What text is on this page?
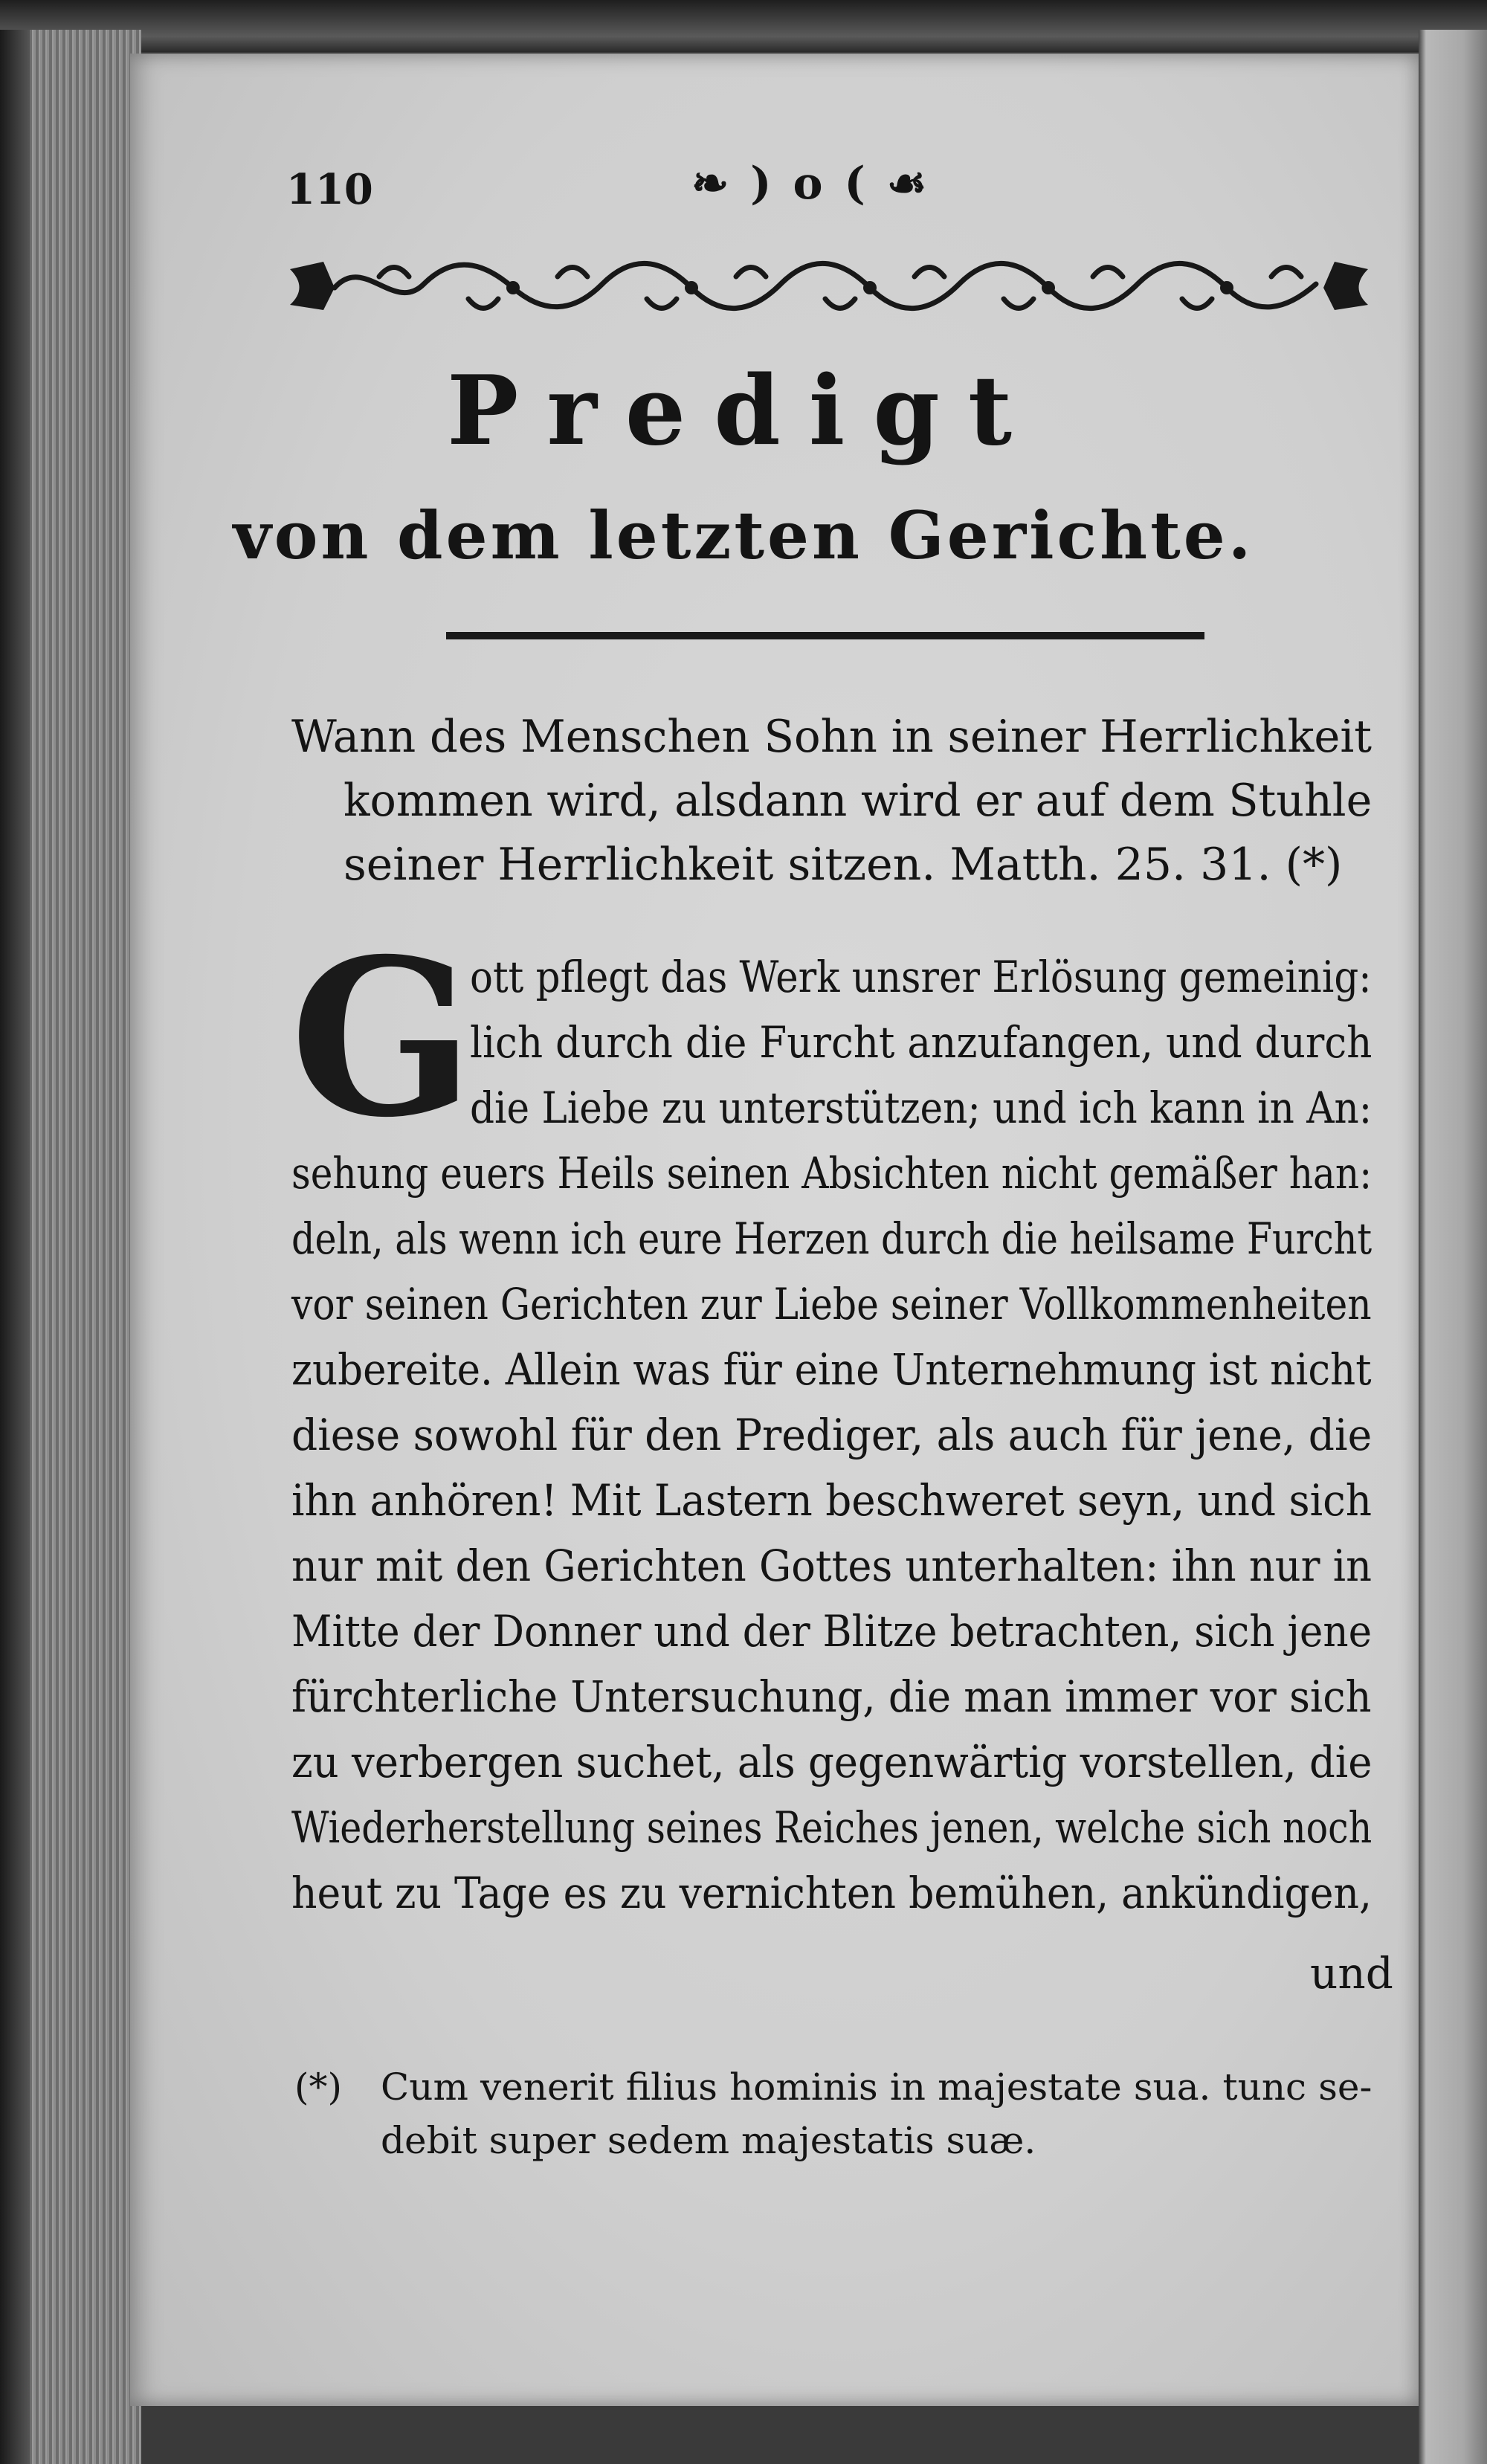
110	❧ ) o ( ☙
Predigt
von dem letzten Gerichte.
Wann des Menschen Sohn in seiner Herrlichkeit
kommen wird, alsdann wird er auf dem Stuhle
seiner Herrlichkeit sitzen. Matth. 25. 31. (*)
G
ott pflegt das Werk unsrer Erlösung gemeinig:
lich durch die Furcht anzufangen, und durch
die Liebe zu unterstützen; und ich kann in An:
sehung euers Heils seinen Absichten nicht gemäßer han:
deln, als wenn ich eure Herzen durch die heilsame Furcht
vor seinen Gerichten zur Liebe seiner Vollkommenheiten
zubereite. Allein was für eine Unternehmung ist nicht
diese sowohl für den Prediger, als auch für jene, die
ihn anhören! Mit Lastern beschweret seyn, und sich
nur mit den Gerichten Gottes unterhalten: ihn nur in
Mitte der Donner und der Blitze betrachten, sich jene
fürchterliche Untersuchung, die man immer vor sich
zu verbergen suchet, als gegenwärtig vorstellen, die
Wiederherstellung seines Reiches jenen, welche sich noch
heut zu Tage es zu vernichten bemühen, ankündigen,
und
(*) Cum venerit filius hominis in majestate sua. tunc se-
debit super sedem majestatis suæ.
